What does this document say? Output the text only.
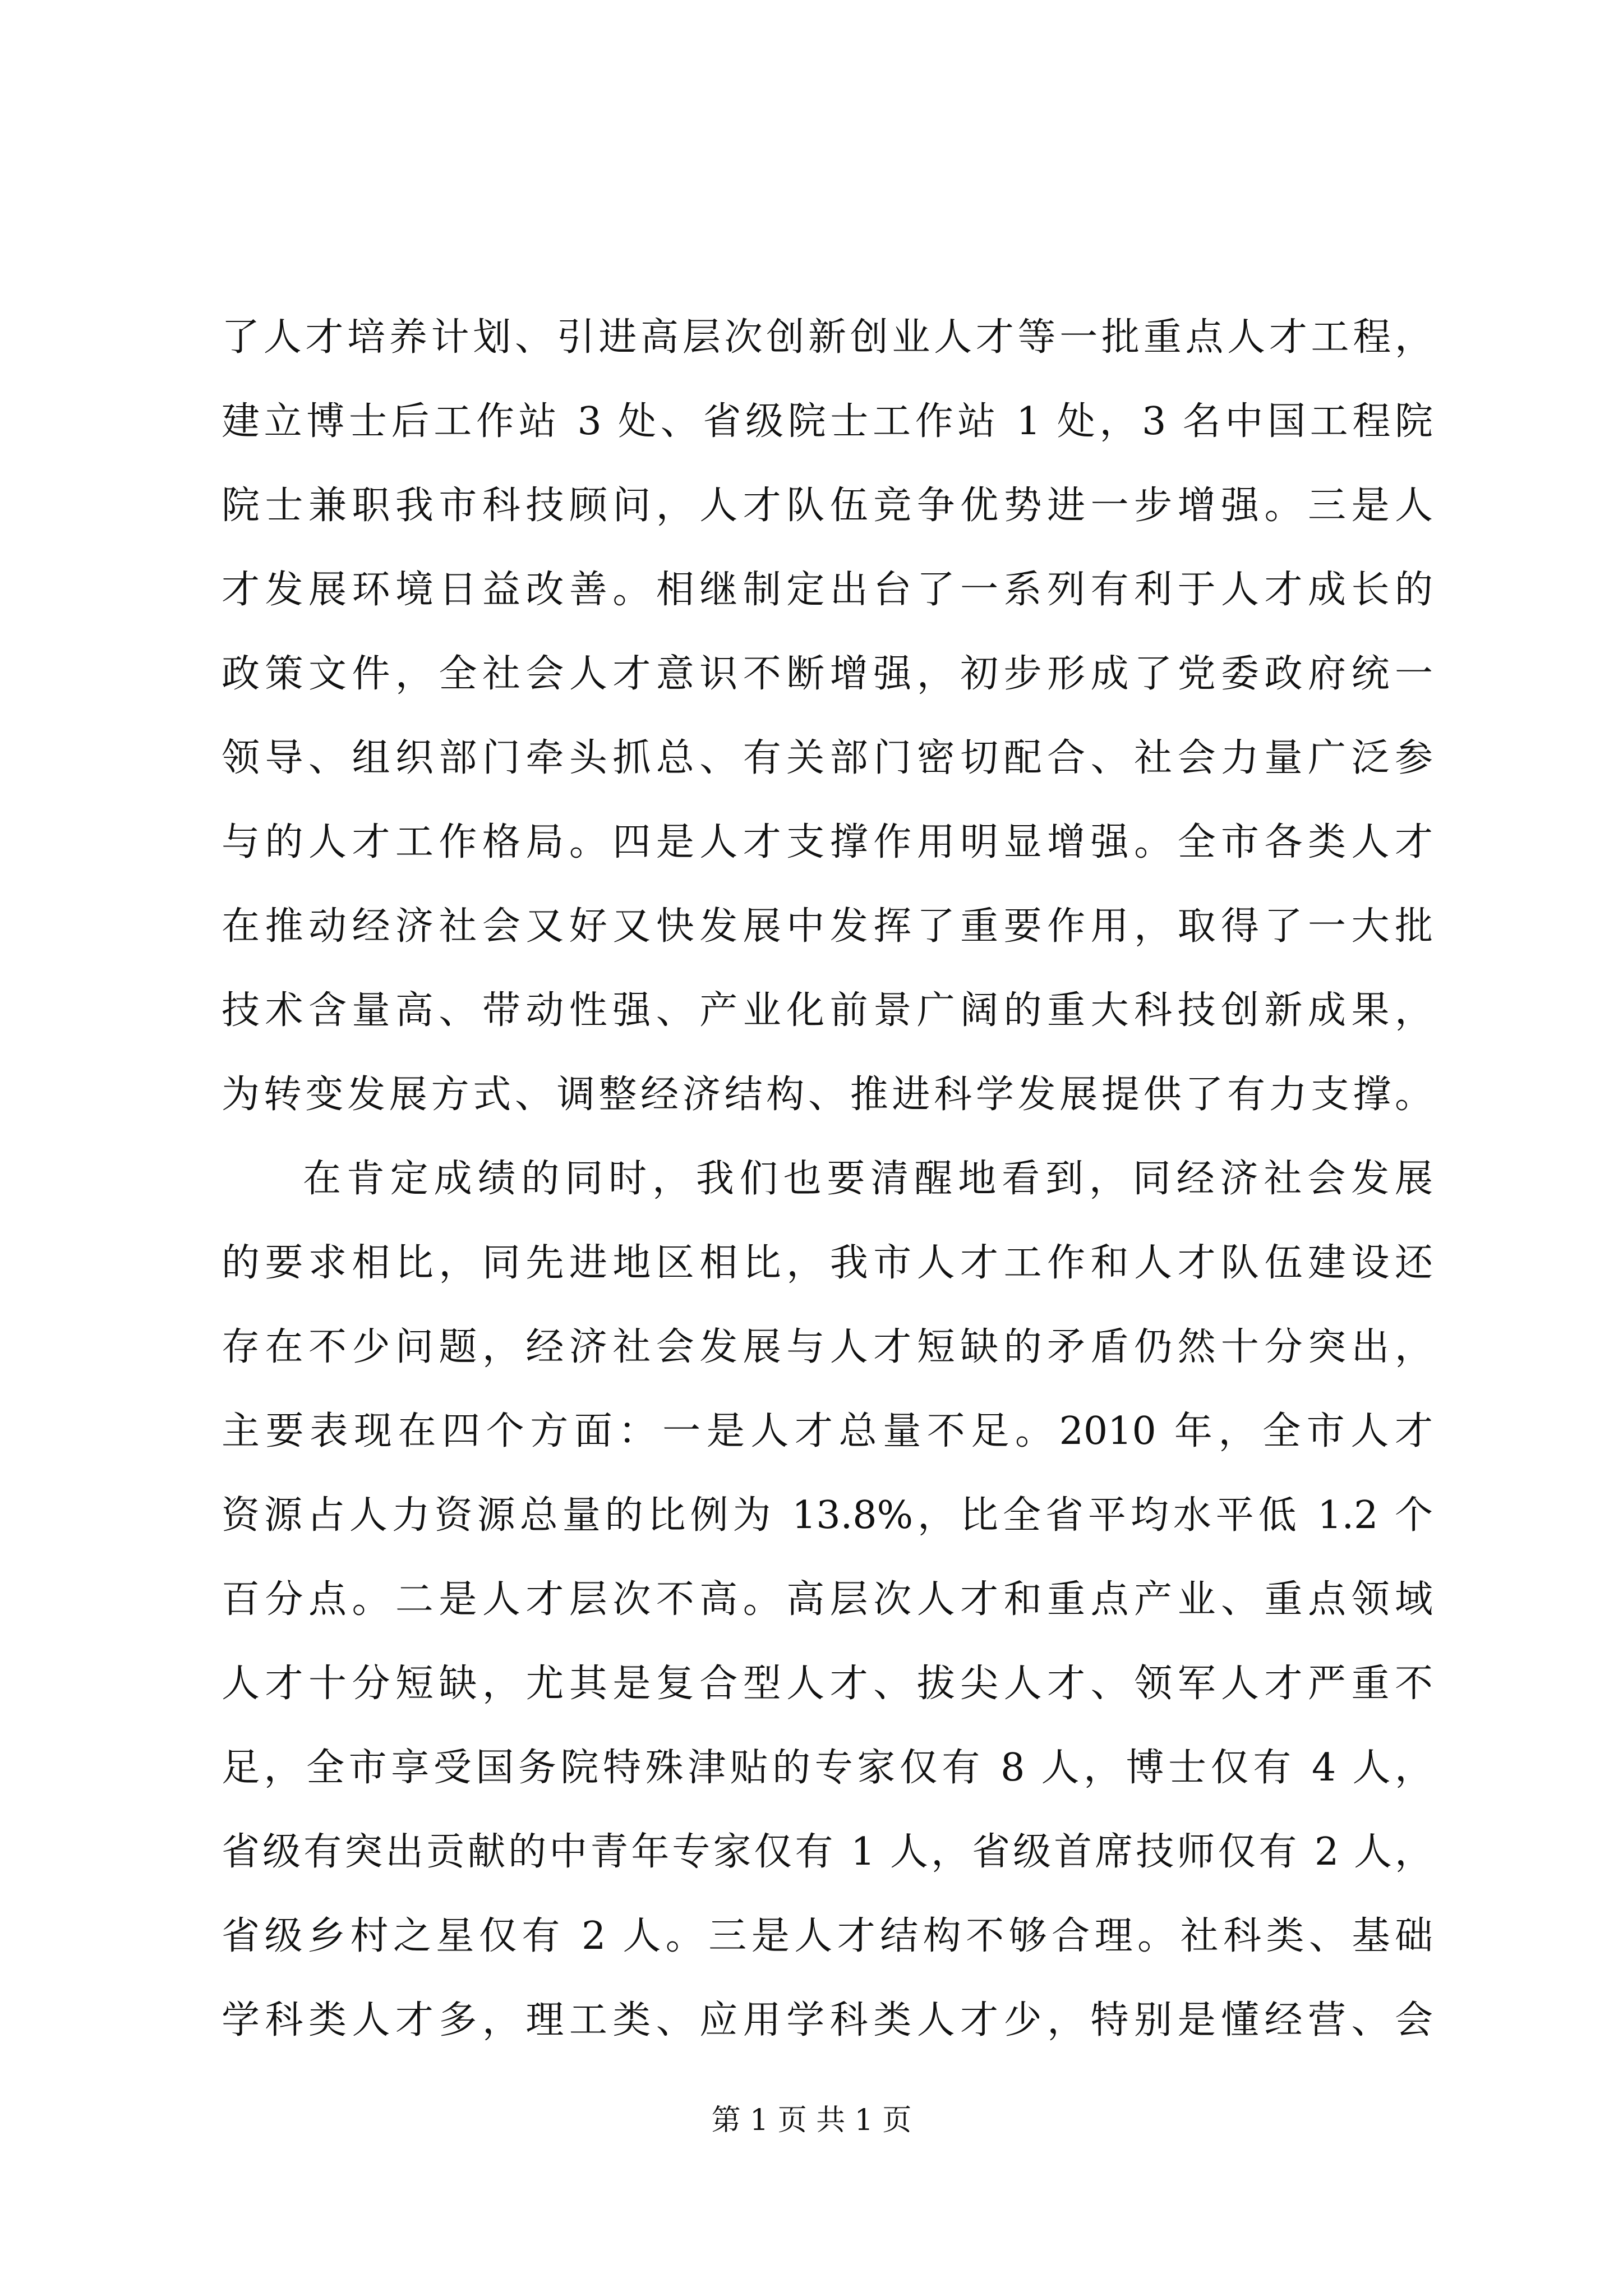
了人才培养计划、引进高层次创新创业人才等一批重点人才工程，
建立博士后工作站 3 处、省级院士工作站 1 处，3 名中国工程院
院士兼职我市科技顾问，人才队伍竞争优势进一步增强。三是人
才发展环境日益改善。相继制定出台了一系列有利于人才成长的
政策文件，全社会人才意识不断增强，初步形成了党委政府统一
领导、组织部门牵头抓总、有关部门密切配合、社会力量广泛参
与的人才工作格局。四是人才支撑作用明显增强。全市各类人才
在推动经济社会又好又快发展中发挥了重要作用，取得了一大批
技术含量高、带动性强、产业化前景广阔的重大科技创新成果，
为转变发展方式、调整经济结构、推进科学发展提供了有力支撑。
在肯定成绩的同时，我们也要清醒地看到，同经济社会发展
的要求相比，同先进地区相比，我市人才工作和人才队伍建设还
存在不少问题，经济社会发展与人才短缺的矛盾仍然十分突出，
主要表现在四个方面：一是人才总量不足。2010 年，全市人才
资源占人力资源总量的比例为 13.8%，比全省平均水平低 1.2 个
百分点。二是人才层次不高。高层次人才和重点产业、重点领域
人才十分短缺，尤其是复合型人才、拔尖人才、领军人才严重不
足，全市享受国务院特殊津贴的专家仅有 8 人，博士仅有 4 人，
省级有突出贡献的中青年专家仅有 1 人，省级首席技师仅有 2 人，
省级乡村之星仅有 2 人。三是人才结构不够合理。社科类、基础
学科类人才多，理工类、应用学科类人才少，特别是懂经营、会
第 1 页 共 1 页
